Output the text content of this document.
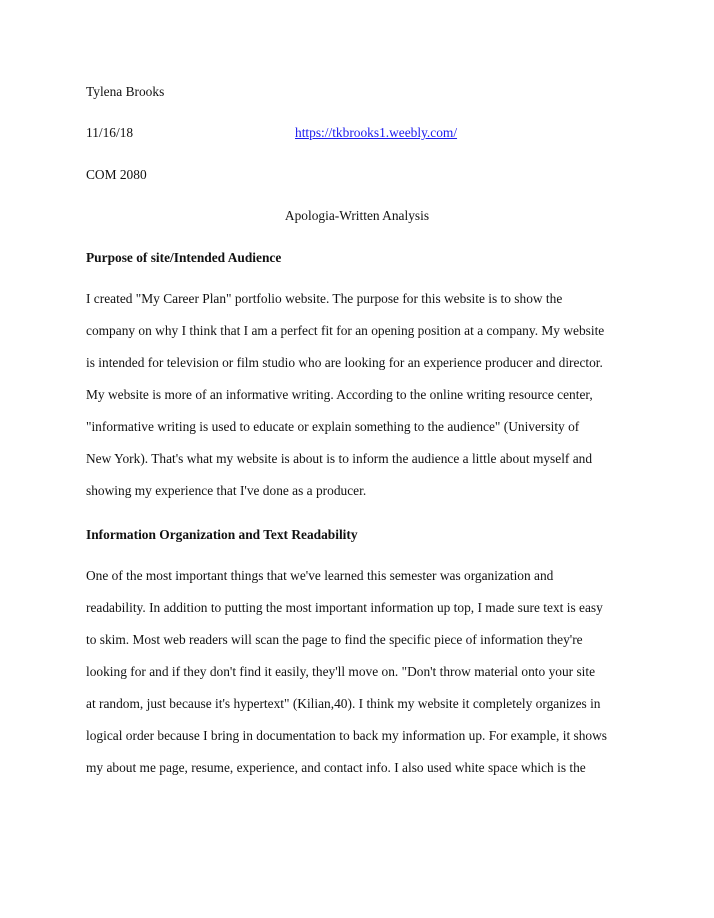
Tylena Brooks
11/16/18	https://tkbrooks1.weebly.com/
COM 2080
Apologia-Written Analysis
Purpose of site/Intended Audience
I created "My Career Plan" portfolio website. The purpose for this website is to show the
company on why I think that I am a perfect fit for an opening position at a company. My website
is intended for television or film studio who are looking for an experience producer and director.
My website is more of an informative writing. According to the online writing resource center,
"informative writing is used to educate or explain something to the audience" (University of
New York). That's what my website is about is to inform the audience a little about myself and
showing my experience that I've done as a producer.
Information Organization and Text Readability
One of the most important things that we've learned this semester was organization and
readability. In addition to putting the most important information up top, I made sure text is easy
to skim. Most web readers will scan the page to find the specific piece of information they're
looking for and if they don't find it easily, they'll move on. "Don't throw material onto your site
at random, just because it's hypertext" (Kilian,40). I think my website it completely organizes in
logical order because I bring in documentation to back my information up. For example, it shows
my about me page, resume, experience, and contact info. I also used white space which is the
